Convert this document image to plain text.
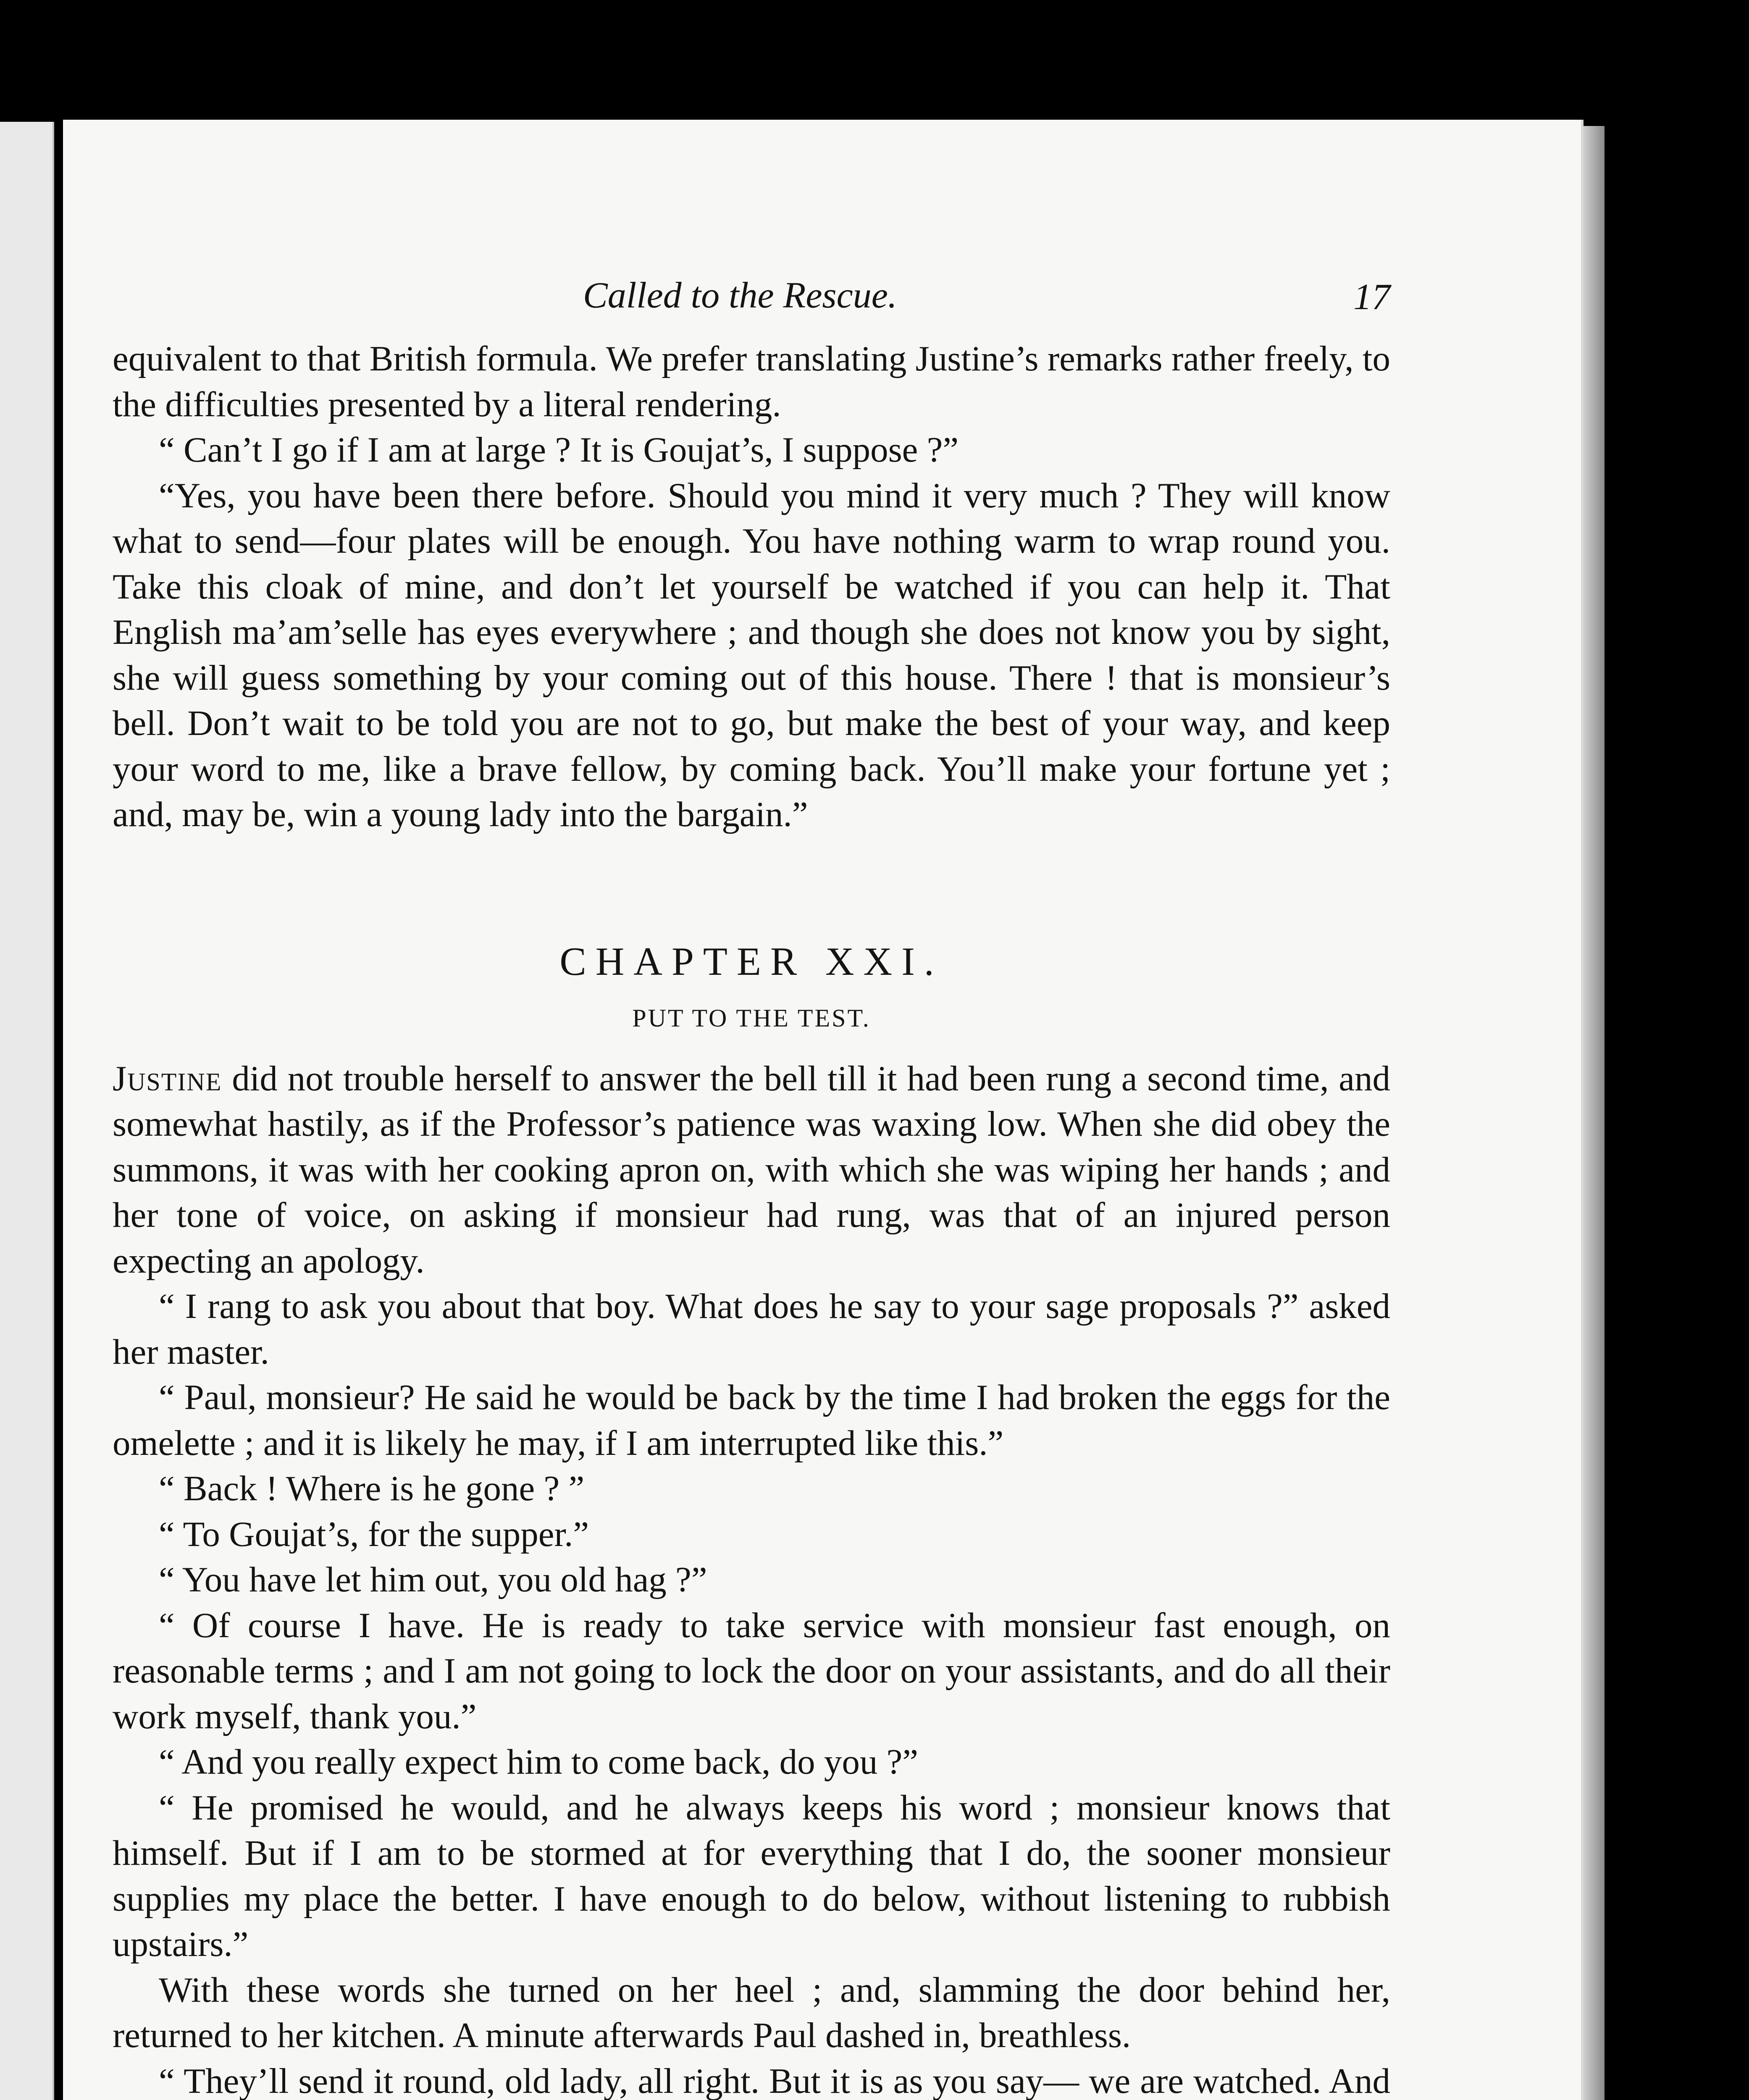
Called to the Rescue.	17

equivalent to that British formula. We prefer translating Justine’s remarks rather freely, to the difficulties presented by a literal rendering.

“ Can’t I go if I am at large ? It is Goujat’s, I suppose ?”

“Yes, you have been there before. Should you mind it very much ? They will know what to send—four plates will be enough. You have nothing warm to wrap round you. Take this cloak of mine, and don’t let yourself be watched if you can help it. That English ma’am’selle has eyes everywhere ; and though she does not know you by sight, she will guess something by your coming out of this house. There ! that is monsieur’s bell. Don’t wait to be told you are not to go, but make the best of your way, and keep your word to me, like a brave fellow, by coming back. You’ll make your fortune yet ; and, may be, win a young lady into the bargain.”

CHAPTER XXI.
PUT TO THE TEST.

Justine did not trouble herself to answer the bell till it had been rung a second time, and somewhat hastily, as if the Professor’s patience was waxing low. When she did obey the summons, it was with her cooking apron on, with which she was wiping her hands ; and her tone of voice, on asking if monsieur had rung, was that of an injured person expecting an apology.

“ I rang to ask you about that boy. What does he say to your sage proposals ?” asked her master.

“ Paul, monsieur? He said he would be back by the time I had broken the eggs for the omelette ; and it is likely he may, if I am interrupted like this.”

“ Back ! Where is he gone ? ”

“ To Goujat’s, for the supper.”

“ You have let him out, you old hag ?”

“ Of course I have. He is ready to take service with monsieur fast enough, on reasonable terms ; and I am not going to lock the door on your assistants, and do all their work myself, thank you.”

“ And you really expect him to come back, do you ?”

“ He promised he would, and he always keeps his word ; monsieur knows that himself. But if I am to be stormed at for everything that I do, the sooner monsieur supplies my place the better. I have enough to do below, without listening to rubbish upstairs.”

With these words she turned on her heel ; and, slamming the door behind her, returned to her kitchen. A minute afterwards Paul dashed in, breathless.

“ They’ll send it round, old lady, all right. But it is as you say— we are watched. And
